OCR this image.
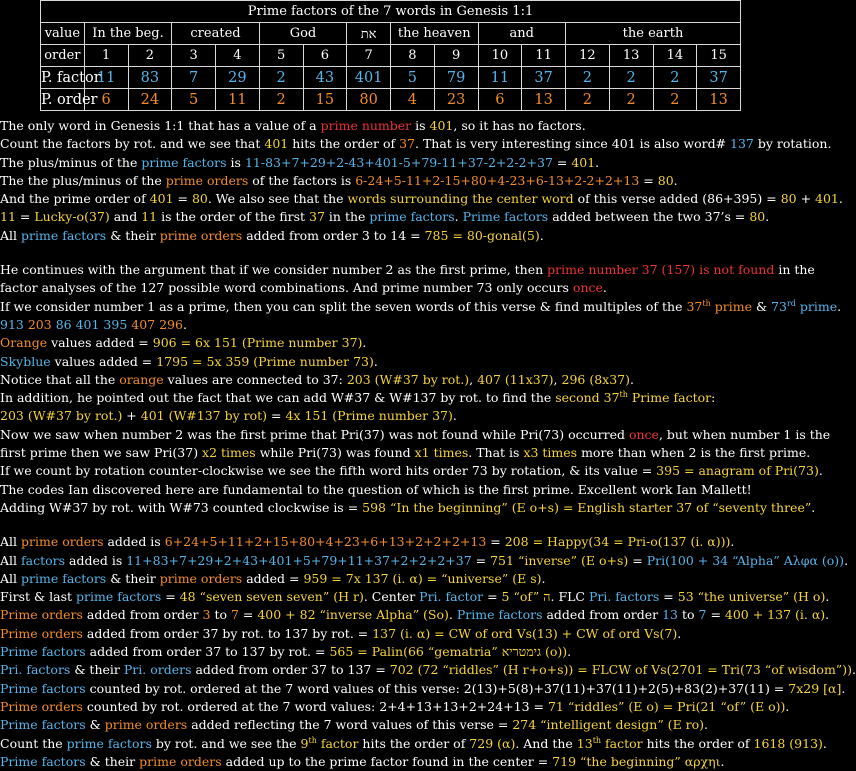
Prime factors of the 7 words in Genesis 1:1															
value	In the beg.		created		God		את	the heaven		and		the earth			
order	1	2	3	4	5	6	7	8	9	10	11	12	13	14	15
P. factor	11	83	7	29	2	43	401	5	79	11	37	2	2	2	37
P. order	6	24	5	11	2	15	80	4	23	6	13	2	2	2	13
The only word in Genesis 1:1 that has a value of a prime number is 401, so it has no factors.
Count the factors by rot. and we see that 401 hits the order of 37. That is very interesting since 401 is also word# 137 by rotation.
The plus/minus of the prime factors is 11-83+7+29+2-43+401-5+79-11+37-2+2-2+37 = 401.
The the plus/minus of the prime orders of the factors is 6-24+5-11+2-15+80+4-23+6-13+2-2+2+13 = 80.
And the prime order of 401 = 80. We also see that the words surrounding the center word of this verse added (86+395) = 80 + 401.
11 = Lucky-o(37) and 11 is the order of the first 37 in the prime factors. Prime factors added between the two 37’s = 80.
All prime factors & their prime orders added from order 3 to 14 = 785 = 80-gonal(5).
He continues with the argument that if we consider number 2 as the first prime, then prime number 37 (157) is not found in the
factor analyses of the 127 possible word combinations. And prime number 73 only occurs once.
If we consider number 1 as a prime, then you can split the seven words of this verse & find multiples of the 37th prime & 73rd prime.
913 203 86 401 395 407 296.
Orange values added = 906 = 6x 151 (Prime number 37).
Skyblue values added = 1795 = 5x 359 (Prime number 73).
Notice that all the orange values are connected to 37: 203 (W#37 by rot.), 407 (11x37), 296 (8x37).
In addition, he pointed out the fact that we can add W#37 & W#137 by rot. to find the second 37th Prime factor:
203 (W#37 by rot.) + 401 (W#137 by rot) = 4x 151 (Prime number 37).
Now we saw when number 2 was the first prime that Pri(37) was not found while Pri(73) occurred once, but when number 1 is the
first prime then we saw Pri(37) x2 times while Pri(73) was found x1 times. That is x3 times more than when 2 is the first prime.
If we count by rotation counter-clockwise we see the fifth word hits order 73 by rotation, & its value = 395 = anagram of Pri(73).
The codes Ian discovered here are fundamental to the question of which is the first prime. Excellent work Ian Mallett!
Adding W#37 by rot. with W#73 counted clockwise is = 598 “In the beginning” (E o+s) = English starter 37 of “seventy three”.
All prime orders added is 6+24+5+11+2+15+80+4+23+6+13+2+2+2+13 = 208 = Happy(34 = Pri-o(137 (i. α))).
All factors added is 11+83+7+29+2+43+401+5+79+11+37+2+2+2+37 = 751 “inverse” (E o+s) = Pri(100 + 34 “Alpha” Αλφα (o)).
All prime factors & their prime orders added = 959 = 7x 137 (i. α) = “universe” (E s).
First & last prime factors = 48 “seven seven seven” (H r). Center Pri. factor = 5 “of” ה. FLC Pri. factors = 53 “the universe” (H o).
Prime orders added from order 3 to 7 = 400 + 82 “inverse Alpha” (So). Prime factors added from order 13 to 7 = 400 + 137 (i. α).
Prime orders added from order 37 by rot. to 137 by rot. = 137 (i. α) = CW of ord Vs(13) + CW of ord Vs(7).
Prime factors added from order 37 to 137 by rot. = 565 = Palin(66 “gematria” גימטריא (o)).
Pri. factors & their Pri. orders added from order 37 to 137 = 702 (72 “riddles” (H r+o+s)) = FLCW of Vs(2701 = Tri(73 “of wisdom”)).
Prime factors counted by rot. ordered at the 7 word values of this verse: 2(13)+5(8)+37(11)+37(11)+2(5)+83(2)+37(11) = 7x29 [α].
Prime orders counted by rot. ordered at the 7 word values: 2+4+13+13+2+24+13 = 71 “riddles” (E o) = Pri(21 “of” (E o)).
Prime factors & prime orders added reflecting the 7 word values of this verse = 274 “intelligent design” (E ro).
Count the prime factors by rot. and we see the 9th factor hits the order of 729 (α). And the 13th factor hits the order of 1618 (913).
Prime factors & their prime orders added up to the prime factor found in the center = 719 “the beginning” αρχηι.
